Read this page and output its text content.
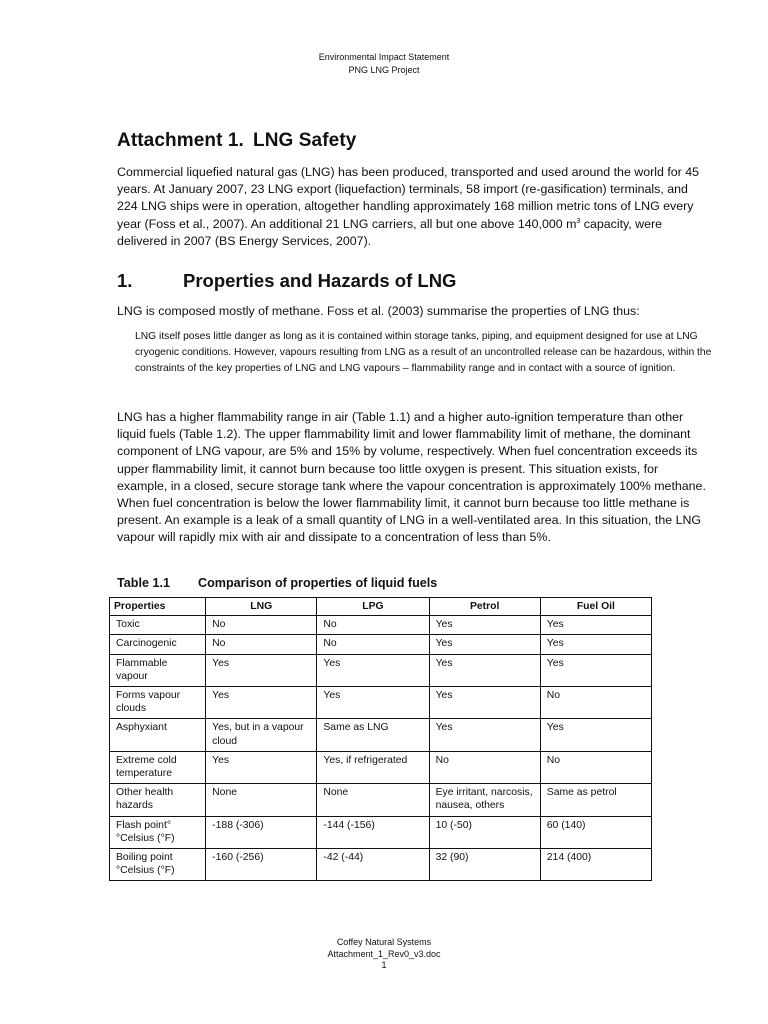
Environmental Impact Statement
PNG LNG Project
Attachment 1. LNG Safety

Commercial liquefied natural gas (LNG) has been produced, transported and used around the world for 45 years. At January 2007, 23 LNG export (liquefaction) terminals, 58 import (re-gasification) terminals, and 224 LNG ships were in operation, altogether handling approximately 168 million metric tons of LNG every year (Foss et al., 2007). An additional 21 LNG carriers, all but one above 140,000 $m^3$ capacity, were delivered in 2007 (BS Energy Services, 2007).

1.	Properties and Hazards of LNG

LNG is composed mostly of methane. Foss et al. (2003) summarise the properties of LNG thus:

LNG itself poses little danger as long as it is contained within storage tanks, piping, and equipment designed for use at LNG cryogenic conditions. However, vapours resulting from LNG as a result of an uncontrolled release can be hazardous, within the constraints of the key properties of LNG and LNG vapours – flammability range and in contact with a source of ignition.

LNG has a higher flammability range in air (Table 1.1) and a higher auto-ignition temperature than other liquid fuels (Table 1.2). The upper flammability limit and lower flammability limit of methane, the dominant component of LNG vapour, are 5% and 15% by volume, respectively. When fuel concentration exceeds its upper flammability limit, it cannot burn because too little oxygen is present. This situation exists, for example, in a closed, secure storage tank where the vapour concentration is approximately 100% methane. When fuel concentration is below the lower flammability limit, it cannot burn because too little methane is present. An example is a leak of a small quantity of LNG in a well-ventilated area. In this situation, the LNG vapour will rapidly mix with air and dissipate to a concentration of less than 5%.

Table 1.1 Comparison of properties of liquid fuels
Properties	LNG	LPG	Petrol	Fuel Oil
Toxic	No	No	Yes	Yes
Carcinogenic	No	No	Yes	Yes
Flammable vapour	Yes	Yes	Yes	Yes
Forms vapour clouds	Yes	Yes	Yes	No
Asphyxiant	Yes, but in a vapour cloud	Same as LNG	Yes	Yes
Extreme cold temperature	Yes	Yes, if refrigerated	No	No
Other health hazards	None	None	Eye irritant, narcosis, nausea, others	Same as petrol
Flash point° °Celsius (°F)	-188 (-306)	-144 (-156)	10 (-50)	60 (140)
Boiling point °Celsius (°F)	-160 (-256)	-42 (-44)	32 (90)	214 (400)
Coffey Natural Systems
Attachment_1_Rev0_v3.doc
1
